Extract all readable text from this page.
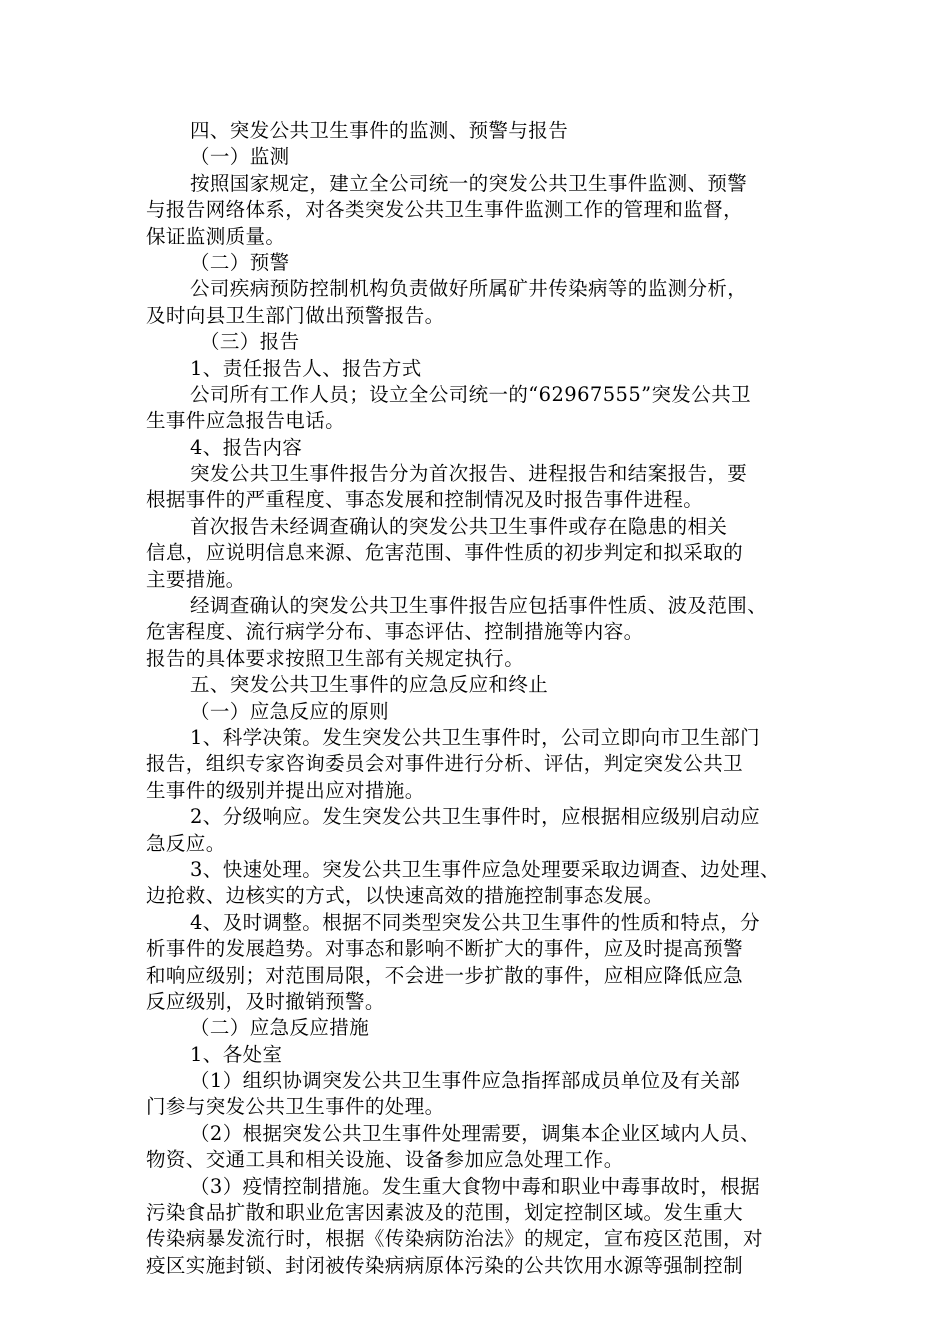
四、突发公共卫生事件的监测、预警与报告
（一）监测
按照国家规定，建立全公司统一的突发公共卫生事件监测、预警
与报告网络体系，对各类突发公共卫生事件监测工作的管理和监督，
保证监测质量。
（二）预警
公司疾病预防控制机构负责做好所属矿井传染病等的监测分析，
及时向县卫生部门做出预警报告。
（三）报告
1、责任报告人、报告方式
公司所有工作人员；设立全公司统一的“62967555”突发公共卫
生事件应急报告电话。
4、报告内容
突发公共卫生事件报告分为首次报告、进程报告和结案报告，要
根据事件的严重程度、事态发展和控制情况及时报告事件进程。
首次报告未经调查确认的突发公共卫生事件或存在隐患的相关
信息，应说明信息来源、危害范围、事件性质的初步判定和拟采取的
主要措施。
经调查确认的突发公共卫生事件报告应包括事件性质、波及范围、
危害程度、流行病学分布、事态评估、控制措施等内容。
报告的具体要求按照卫生部有关规定执行。
五、突发公共卫生事件的应急反应和终止
（一）应急反应的原则
1、科学决策。发生突发公共卫生事件时，公司立即向市卫生部门
报告，组织专家咨询委员会对事件进行分析、评估，判定突发公共卫
生事件的级别并提出应对措施。
2、分级响应。发生突发公共卫生事件时，应根据相应级别启动应
急反应。
3、快速处理。突发公共卫生事件应急处理要采取边调查、边处理、
边抢救、边核实的方式，以快速高效的措施控制事态发展。
4、及时调整。根据不同类型突发公共卫生事件的性质和特点，分
析事件的发展趋势。对事态和影响不断扩大的事件，应及时提高预警
和响应级别；对范围局限，不会进一步扩散的事件，应相应降低应急
反应级别，及时撤销预警。
（二）应急反应措施
1、各处室
（1）组织协调突发公共卫生事件应急指挥部成员单位及有关部
门参与突发公共卫生事件的处理。
（2）根据突发公共卫生事件处理需要，调集本企业区域内人员、
物资、交通工具和相关设施、设备参加应急处理工作。
（3）疫情控制措施。发生重大食物中毒和职业中毒事故时，根据
污染食品扩散和职业危害因素波及的范围，划定控制区域。发生重大
传染病暴发流行时，根据《传染病防治法》的规定，宣布疫区范围，对
疫区实施封锁、封闭被传染病病原体污染的公共饮用水源等强制控制
